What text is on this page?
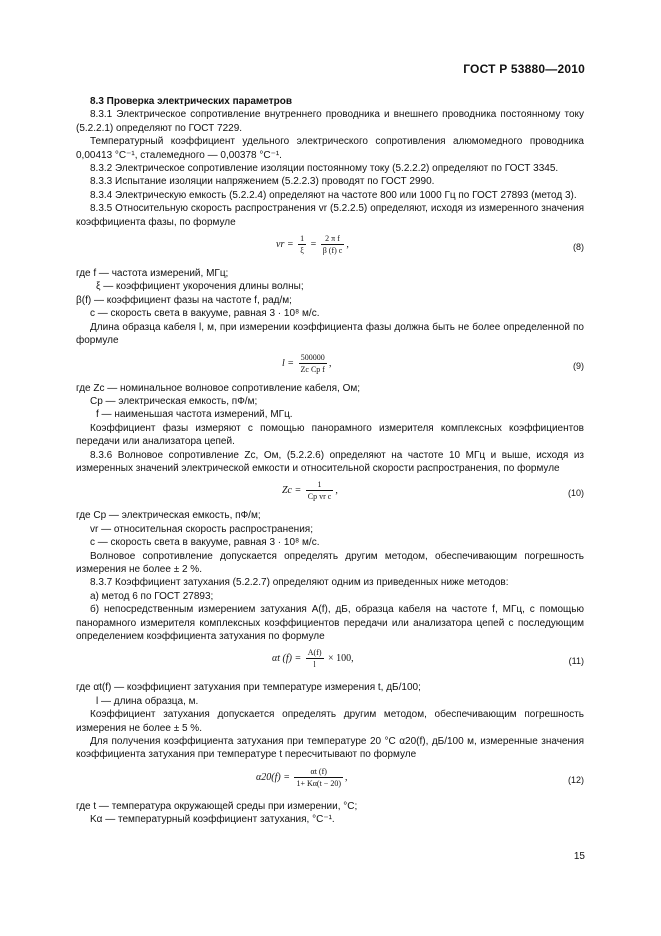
ГОСТ Р 53880—2010

8.3 Проверка электрических параметров

8.3.1 Электрическое сопротивление внутреннего проводника и внешнего проводника постоянному току (5.2.2.1) определяют по ГОСТ 7229.

Температурный коэффициент удельного электрического сопротивления алюмомедного проводника 0,00413 °С⁻¹, сталемедного — 0,00378 °С⁻¹.

8.3.2 Электрическое сопротивление изоляции постоянному току (5.2.2.2) определяют по ГОСТ 3345.

8.3.3 Испытание изоляции напряжением (5.2.2.3) проводят по ГОСТ 2990.

8.3.4 Электрическую емкость (5.2.2.4) определяют на частоте 800 или 1000 Гц по ГОСТ 27893 (метод 3).

8.3.5 Относительную скорость распространения vr (5.2.2.5) определяют, исходя из измеренного значения коэффициента фазы, по формуле

vr = $\frac{1}{\xi} = \frac{\text{2 π f}}{\beta (f) c}$ ,	(8)

где f — частота измерений, МГц;

ξ — коэффициент укорочения длины волны;

β(f) — коэффициент фазы на частоте f, рад/м;

c — скорость света в вакууме, равная 3 · 10⁸ м/с.

Длина образца кабеля l, м, при измерении коэффициента фазы должна быть не более определенной по формуле

$l = \frac{500000}{\text{Zc Cp f}}$ ,	(9)

где Zc — номинальное волновое сопротивление кабеля, Ом;

Cp — электрическая емкость, пФ/м;

f — наименьшая частота измерений, МГц.

Коэффициент фазы измеряют с помощью панорамного измерителя комплексных коэффициентов передачи или анализатора цепей.

8.3.6 Волновое сопротивление Zc, Ом, (5.2.2.6) определяют на частоте 10 МГц и выше, исходя из измеренных значений электрической емкости и относительной скорости распространения, по формуле

$Zc = \frac{1}{\text{Cp vr c}}$ ,	(10)

где Cp — электрическая емкость, пФ/м;

vr — относительная скорость распространения;

c — скорость света в вакууме, равная 3 · 10⁸ м/с.

Волновое сопротивление допускается определять другим методом, обеспечивающим погрешность измерения не более ± 2 %.

8.3.7 Коэффициент затухания (5.2.2.7) определяют одним из приведенных ниже методов:

а) метод 6 по ГОСТ 27893;

б) непосредственным измерением затухания A(f), дБ, образца кабеля на частоте f, МГц, с помощью панорамного измерителя комплексных коэффициентов передачи или анализатора цепей с последующим определением коэффициента затухания по формуле

αt $(f) = \frac{A(f)}{l} \times 100$,	(11)

где αt(f) — коэффициент затухания при температуре измерения t, дБ/100;

l — длина образца, м.

Коэффициент затухания допускается определять другим методом, обеспечивающим погрешность измерения не более ± 5 %.

Для получения коэффициента затухания при температуре 20 °С α20(f), дБ/100 м, измеренные значения коэффициента затухания при температуре t пересчитывают по формуле

$\alpha 20(f) = \frac{\alpha t (f)}{1+ K\alpha(t - 20)}$ ,	(12)

где t — температура окружающей среды при измерении, °С;

Kα — температурный коэффициент затухания, °С⁻¹.

15
